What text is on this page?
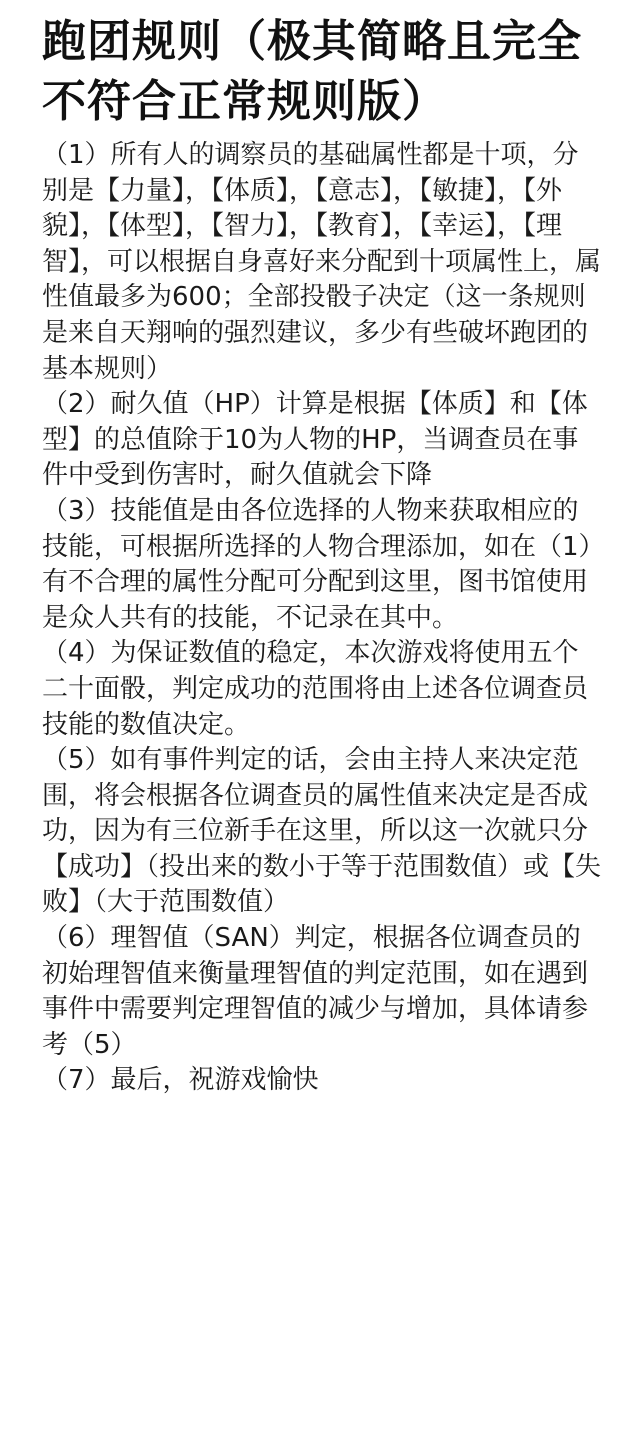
跑团规则（极其简略且完全不符合正常规则版）

（1）所有人的调察员的基础属性都是十项，分别是【力量】，【体质】，【意志】，【敏捷】，【外貌】，【体型】，【智力】，【教育】，【幸运】，【理智】，可以根据自身喜好来分配到十项属性上，属性值最多为600；全部投骰子决定（这一条规则是来自天翔响的强烈建议，多少有些破坏跑团的基本规则）

（2）耐久值（HP）计算是根据【体质】和【体型】的总值除于10为人物的HP，当调查员在事件中受到伤害时，耐久值就会下降

（3）技能值是由各位选择的人物来获取相应的技能，可根据所选择的人物合理添加，如在（1）有不合理的属性分配可分配到这里，图书馆使用是众人共有的技能，不记录在其中。

（4）为保证数值的稳定，本次游戏将使用五个二十面骰，判定成功的范围将由上述各位调查员技能的数值决定。

（5）如有事件判定的话，会由主持人来决定范围，将会根据各位调查员的属性值来决定是否成功，因为有三位新手在这里，所以这一次就只分【成功】（投出来的数小于等于范围数值）或【失败】（大于范围数值）

（6）理智值（SAN）判定，根据各位调查员的初始理智值来衡量理智值的判定范围，如在遇到事件中需要判定理智值的减少与增加，具体请参考（5）

（7）最后，祝游戏愉快
